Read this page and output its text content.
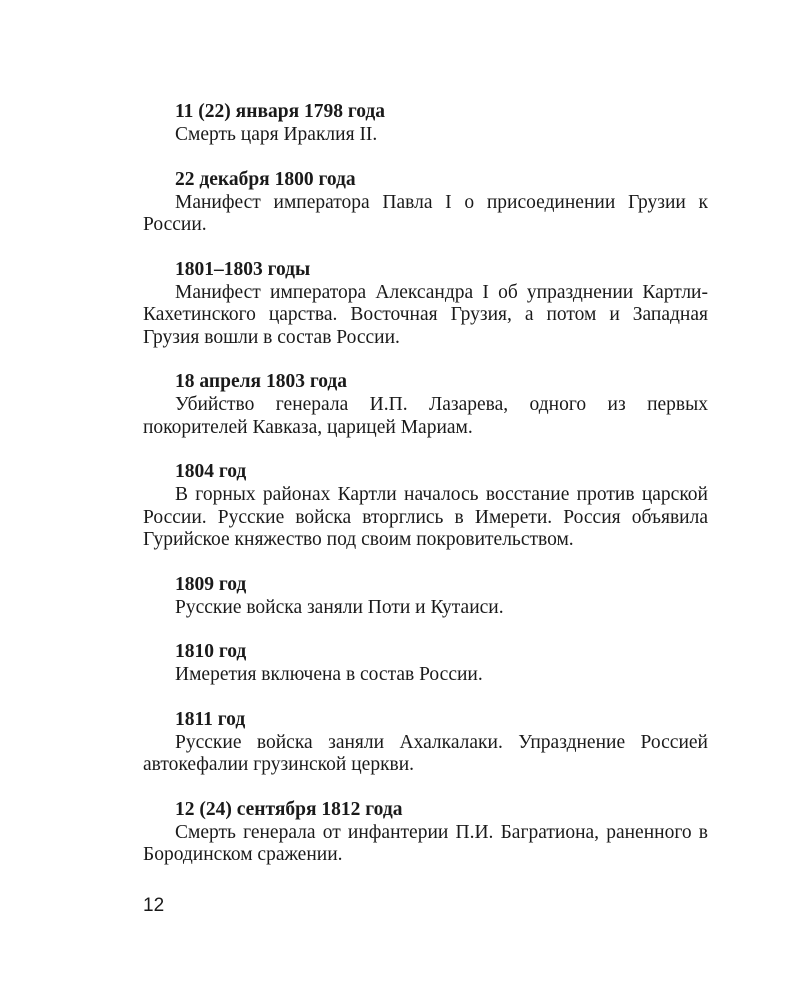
11 (22) января 1798 года

Смерть царя Ираклия II.

22 декабря 1800 года

Манифест императора Павла I о присоединении Грузии к России.

1801–1803 годы

Манифест императора Александра I об упразднении Картли-Кахетинского царства. Восточная Грузия, а потом и Западная Грузия вошли в состав России.

18 апреля 1803 года

Убийство генерала И.П. Лазарева, одного из первых покорителей Кавказа, царицей Мариам.

1804 год

В горных районах Картли началось восстание против царской России. Русские войска вторглись в Имерети. Россия объявила Гурийское княжество под своим покровительством.

1809 год

Русские войска заняли Поти и Кутаиси.

1810 год

Имеретия включена в состав России.

1811 год

Русские войска заняли Ахалкалаки. Упразднение Россией автокефалии грузинской церкви.

12 (24) сентября 1812 года

Смерть генерала от инфантерии П.И. Багратиона, раненного в Бородинском сражении.

12
